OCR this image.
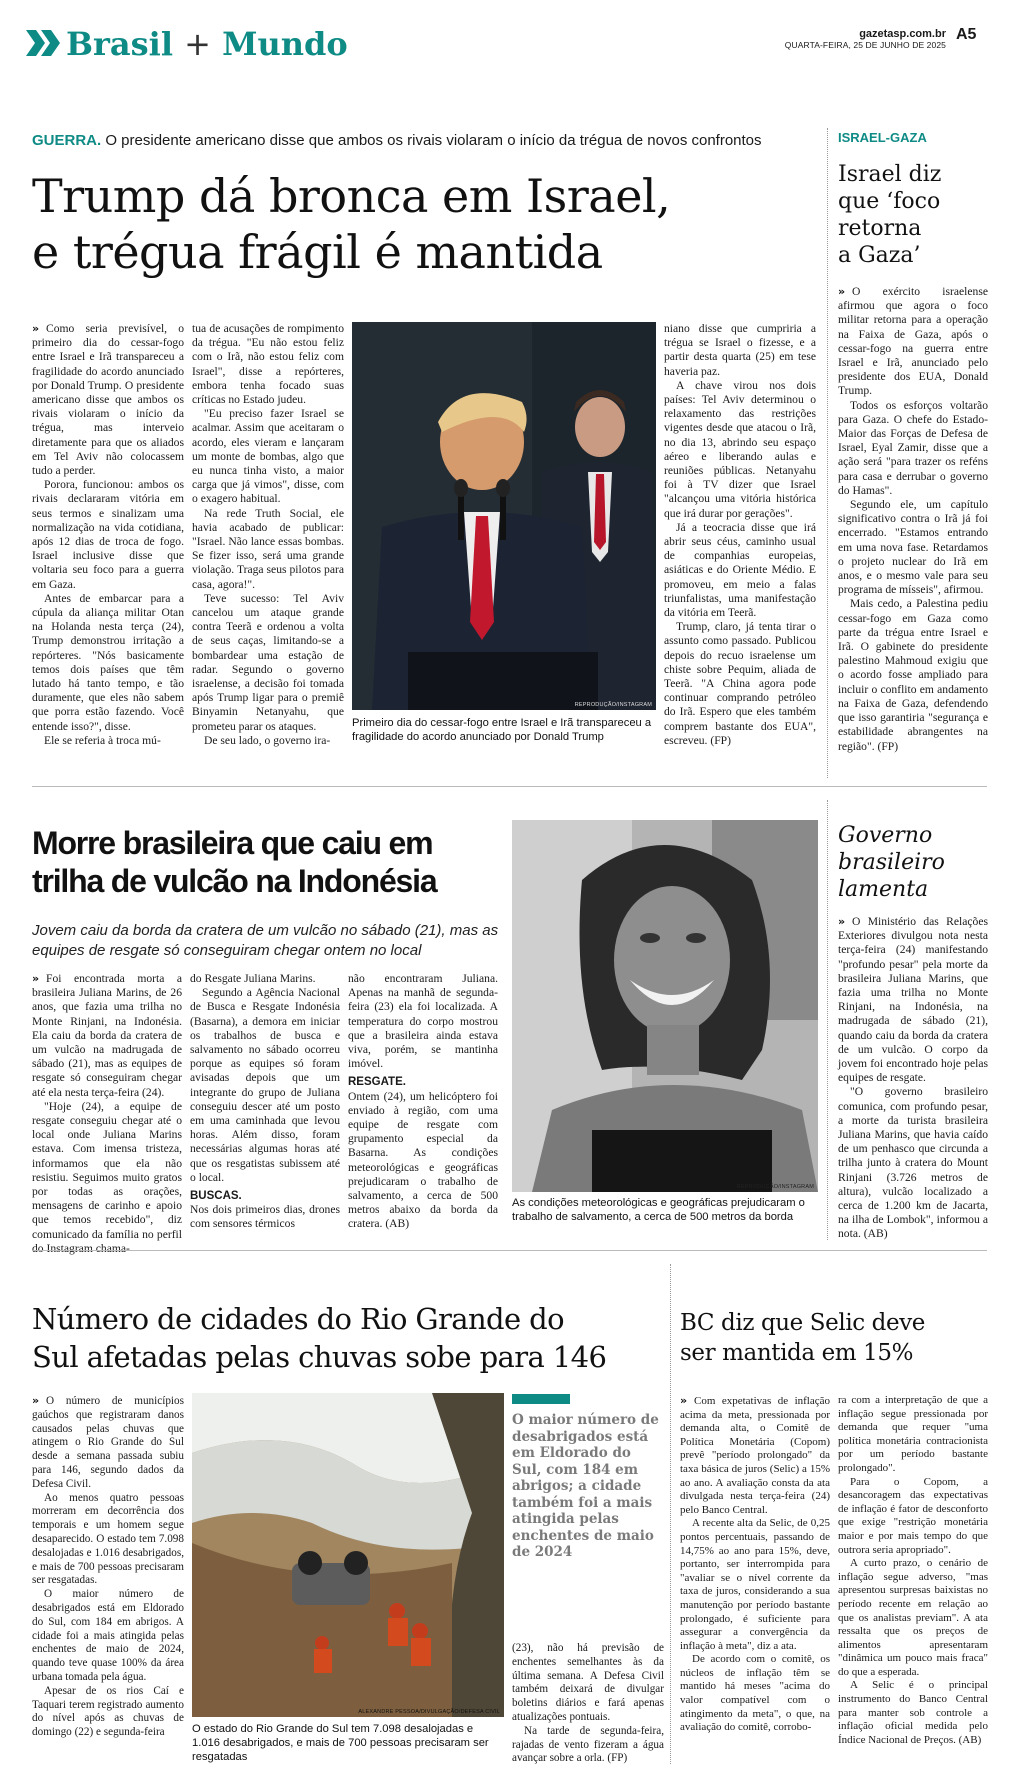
Brasil + Mundo	gazetasp.com.br
QUARTA-FEIRA, 25 DE JUNHO DE 2025
A5
GUERRA. O presidente americano disse que ambos os rivais violaram o início da trégua de novos confrontos
Trump dá bronca em Israel,
e trégua frágil é mantida

» Como seria previsível, o primeiro dia do cessar-fogo entre Israel e Irã transpareceu a fragilidade do acordo anunciado por Donald Trump. O presidente americano disse que ambos os rivais violaram o início da trégua, mas interveio diretamente para que os aliados em Tel Aviv não colocassem tudo a perder.

Porora, funcionou: ambos os rivais declararam vitória em seus termos e sinalizam uma normalização na vida cotidiana, após 12 dias de troca de fogo. Israel inclusive disse que voltaria seu foco para a guerra em Gaza.

Antes de embarcar para a cúpula da aliança militar Otan na Holanda nesta terça (24), Trump demonstrou irritação a repórteres. "Nós basicamente temos dois países que têm lutado há tanto tempo, e tão duramente, que eles não sabem que porra estão fazendo. Você entende isso?", disse.

Ele se referia à troca mú-

tua de acusações de rompimento da trégua. "Eu não estou feliz com o Irã, não estou feliz com Israel", disse a repórteres, embora tenha focado suas críticas no Estado judeu.

"Eu preciso fazer Israel se acalmar. Assim que aceitaram o acordo, eles vieram e lançaram um monte de bombas, algo que eu nunca tinha visto, a maior carga que já vimos", disse, com o exagero habitual.

Na rede Truth Social, ele havia acabado de publicar: "Israel. Não lance essas bombas. Se fizer isso, será uma grande violação. Traga seus pilotos para casa, agora!".

Teve sucesso: Tel Aviv cancelou um ataque grande contra Teerã e ordenou a volta de seus caças, limitando-se a bombardear uma estação de radar. Segundo o governo israelense, a decisão foi tomada após Trump ligar para o premiê Binyamin Netanyahu, que prometeu parar os ataques.

De seu lado, o governo ira-

REPRODUÇÃO/INSTAGRAM
Primeiro dia do cessar-fogo entre Israel e Irã transpareceu a fragilidade do acordo anunciado por Donald Trump

niano disse que cumpriria a trégua se Israel o fizesse, e a partir desta quarta (25) em tese haveria paz.

A chave virou nos dois países: Tel Aviv determinou o relaxamento das restrições vigentes desde que atacou o Irã, no dia 13, abrindo seu espaço aéreo e liberando aulas e reuniões públicas. Netanyahu foi à TV dizer que Israel "alcançou uma vitória histórica que irá durar por gerações".

Já a teocracia disse que irá abrir seus céus, caminho usual de companhias europeias, asiáticas e do Oriente Médio. E promoveu, em meio a falas triunfalistas, uma manifestação da vitória em Teerã.

Trump, claro, já tenta tirar o assunto como passado. Publicou depois do recuo israelense um chiste sobre Pequim, aliada de Teerã. "A China agora pode continuar comprando petróleo do Irã. Espero que eles também comprem bastante dos EUA", escreveu. (FP)

ISRAEL-GAZA
Israel diz
que ‘foco
retorna
a Gaza’

» O exército israelense afirmou que agora o foco militar retorna para a operação na Faixa de Gaza, após o cessar-fogo na guerra entre Israel e Irã, anunciado pelo presidente dos EUA, Donald Trump.

Todos os esforços voltarão para Gaza. O chefe do Estado-Maior das Forças de Defesa de Israel, Eyal Zamir, disse que a ação será "para trazer os reféns para casa e derrubar o governo do Hamas".

Segundo ele, um capítulo significativo contra o Irã já foi encerrado. "Estamos entrando em uma nova fase. Retardamos o projeto nuclear do Irã em anos, e o mesmo vale para seu programa de mísseis", afirmou.

Mais cedo, a Palestina pediu cessar-fogo em Gaza como parte da trégua entre Israel e Irã. O gabinete do presidente palestino Mahmoud exigiu que o acordo fosse ampliado para incluir o conflito em andamento na Faixa de Gaza, defendendo que isso garantiria "segurança e estabilidade abrangentes na região". (FP)

Morre brasileira que caiu em
trilha de vulcão na Indonésia
Jovem caiu da borda da cratera de um vulcão no sábado (21), mas as equipes de resgate só conseguiram chegar ontem no local

» Foi encontrada morta a brasileira Juliana Marins, de 26 anos, que fazia uma trilha no Monte Rinjani, na Indonésia. Ela caiu da borda da cratera de um vulcão na madrugada de sábado (21), mas as equipes de resgate só conseguiram chegar até ela nesta terça-feira (24).

"Hoje (24), a equipe de resgate conseguiu chegar até o local onde Juliana Marins estava. Com imensa tristeza, informamos que ela não resistiu. Seguimos muito gratos por todas as orações, mensagens de carinho e apoio que temos recebido", diz comunicado da família no perfil do Instagram chama-

do Resgate Juliana Marins.

Segundo a Agência Nacional de Busca e Resgate Indonésia (Basarna), a demora em iniciar os trabalhos de busca e salvamento no sábado ocorreu porque as equipes só foram avisadas depois que um integrante do grupo de Juliana conseguiu descer até um posto em uma caminhada que levou horas. Além disso, foram necessárias algumas horas até que os resgatistas subissem até o local.

BUSCAS.

Nos dois primeiros dias, drones com sensores térmicos

não encontraram Juliana. Apenas na manhã de segunda-feira (23) ela foi localizada. A temperatura do corpo mostrou que a brasileira ainda estava viva, porém, se mantinha imóvel.

RESGATE.

Ontem (24), um helicóptero foi enviado à região, com uma equipe de resgate com grupamento especial da Basarna. As condições meteorológicas e geográficas prejudicaram o trabalho de salvamento, a cerca de 500 metros abaixo da borda da cratera. (AB)

REPRODUÇÃO/INSTAGRAM
As condições meteorológicas e geográficas prejudicaram o trabalho de salvamento, a cerca de 500 metros da borda
Governo
brasileiro
lamenta

» O Ministério das Relações Exteriores divulgou nota nesta terça-feira (24) manifestando "profundo pesar" pela morte da brasileira Juliana Marins, que fazia uma trilha no Monte Rinjani, na Indonésia, na madrugada de sábado (21), quando caiu da borda da cratera de um vulcão. O corpo da jovem foi encontrado hoje pelas equipes de resgate.

"O governo brasileiro comunica, com profundo pesar, a morte da turista brasileira Juliana Marins, que havia caído de um penhasco que circunda a trilha junto à cratera do Mount Rinjani (3.726 metros de altura), vulcão localizado a cerca de 1.200 km de Jacarta, na ilha de Lombok", informou a nota. (AB)

Número de cidades do Rio Grande do
Sul afetadas pelas chuvas sobe para 146

» O número de municípios gaúchos que registraram danos causados pelas chuvas que atingem o Rio Grande do Sul desde a semana passada subiu para 146, segundo dados da Defesa Civil.

Ao menos quatro pessoas morreram em decorrência dos temporais e um homem segue desaparecido. O estado tem 7.098 desalojadas e 1.016 desabrigados, e mais de 700 pessoas precisaram ser resgatadas.

O maior número de desabrigados está em Eldorado do Sul, com 184 em abrigos. A cidade foi a mais atingida pelas enchentes de maio de 2024, quando teve quase 100% da área urbana tomada pela água.

Apesar de os rios Caí e Taquari terem registrado aumento do nível após as chuvas de domingo (22) e segunda-feira

ALEXANDRE PESSOA/DIVULGAÇÃO/DEFESA CIVIL
O estado do Rio Grande do Sul tem 7.098 desalojadas e 1.016 desabrigados, e mais de 700 pessoas precisaram ser resgatadas
O maior número de desabrigados está em Eldorado do Sul, com 184 em abrigos; a cidade também foi a mais atingida pelas enchentes de maio de 2024

(23), não há previsão de enchentes semelhantes às da última semana. A Defesa Civil também deixará de divulgar boletins diários e fará apenas atualizações pontuais.

Na tarde de segunda-feira, rajadas de vento fizeram a água avançar sobre a orla. (FP)

BC diz que Selic deve
ser mantida em 15%

» Com expetativas de inflação acima da meta, pressionada por demanda alta, o Comitê de Política Monetária (Copom) prevê "período prolongado" da taxa básica de juros (Selic) a 15% ao ano. A avaliação consta da ata divulgada nesta terça-feira (24) pelo Banco Central.

A recente alta da Selic, de 0,25 pontos percentuais, passando de 14,75% ao ano para 15%, deve, portanto, ser interrompida para "avaliar se o nível corrente da taxa de juros, considerando a sua manutenção por período bastante prolongado, é suficiente para assegurar a convergência da inflação à meta", diz a ata.

De acordo com o comitê, os núcleos de inflação têm se mantido há meses "acima do valor compatível com o atingimento da meta", o que, na avaliação do comitê, corrobo-

ra com a interpretação de que a inflação segue pressionada por demanda que requer "uma política monetária contracionista por um período bastante prolongado".

Para o Copom, a desancoragem das expectativas de inflação é fator de desconforto que exige "restrição monetária maior e por mais tempo do que outrora seria apropriado".

A curto prazo, o cenário de inflação segue adverso, "mas apresentou surpresas baixistas no período recente em relação ao que os analistas previam". A ata ressalta que os preços de alimentos apresentaram "dinâmica um pouco mais fraca" do que a esperada.

A Selic é o principal instrumento do Banco Central para manter sob controle a inflação oficial medida pelo Índice Nacional de Preços. (AB)
